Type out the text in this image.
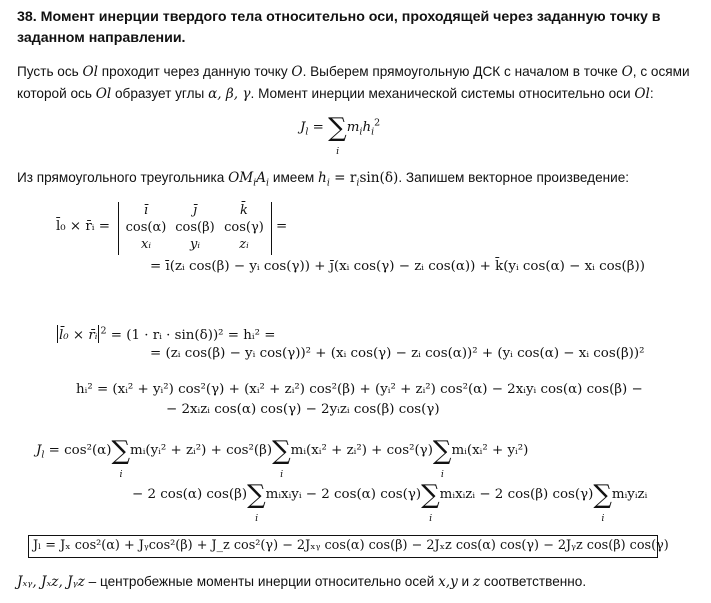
38. Момент инерции твердого тела относительно оси, проходящей через заданную точку в заданном направлении.
Пусть ось Ol проходит через данную точку O. Выберем прямоугольную ДСК с началом в точке O, с осями которой ось Ol образует углы α, β, γ. Момент инерции механической системы относительно оси Ol:
$J_l$ = ∑
i
$m_ih_i^2$
Из прямоугольного треугольника $OM_iA_i$ имеем $h_i = r_i\sin(\delta)$. Запишем векторное произведение:
l̄₀ × r̄ᵢ =
ī	j̄	k̄
cos(α) cos(β) cos(γ)
xᵢ	yᵢ	zᵢ
=
= ī(zᵢ cos(β) − yᵢ cos(γ)) + j̄(xᵢ cos(γ) − zᵢ cos(α)) + k̄(yᵢ cos(α) − xᵢ cos(β))
l̄₀ × r̄ᵢ $^2$ = (1 · rᵢ · sin(δ))² = hᵢ² =
= (zᵢ cos(β) − yᵢ cos(γ))² + (xᵢ cos(γ) − zᵢ cos(α))² + (yᵢ cos(α) − xᵢ cos(β))²
hᵢ² = (xᵢ² + yᵢ²) cos²(γ) + (xᵢ² + zᵢ²) cos²(β) + (yᵢ² + zᵢ²) cos²(α) − 2xᵢyᵢ cos(α) cos(β) −
− 2xᵢzᵢ cos(α) cos(γ) − 2yᵢzᵢ cos(β) cos(γ)
$J_l = \cos^2(\alpha)\sum$
i
mᵢ(yᵢ² + zᵢ²) + cos²(β)∑
i
mᵢ(xᵢ² + zᵢ²) + cos²(γ)∑
i
mᵢ(xᵢ² + yᵢ²)
− 2 cos(α) cos(β)∑
i
mᵢxᵢyᵢ − 2 cos(α) cos(γ)∑
i
mᵢxᵢzᵢ − 2 cos(β) cos(γ)∑
i
mᵢyᵢzᵢ
Jₗ = Jₓ cos²(α) + Jᵧcos²(β) + J_z cos²(γ) − 2Jₓᵧ cos(α) cos(β) − 2Jₓz cos(α) cos(γ) − 2Jᵧz cos(β) cos(γ)
Jₓᵧ, Jₓz, Jᵧz – центробежные моменты инерции относительно осей x,y и z соответственно.
